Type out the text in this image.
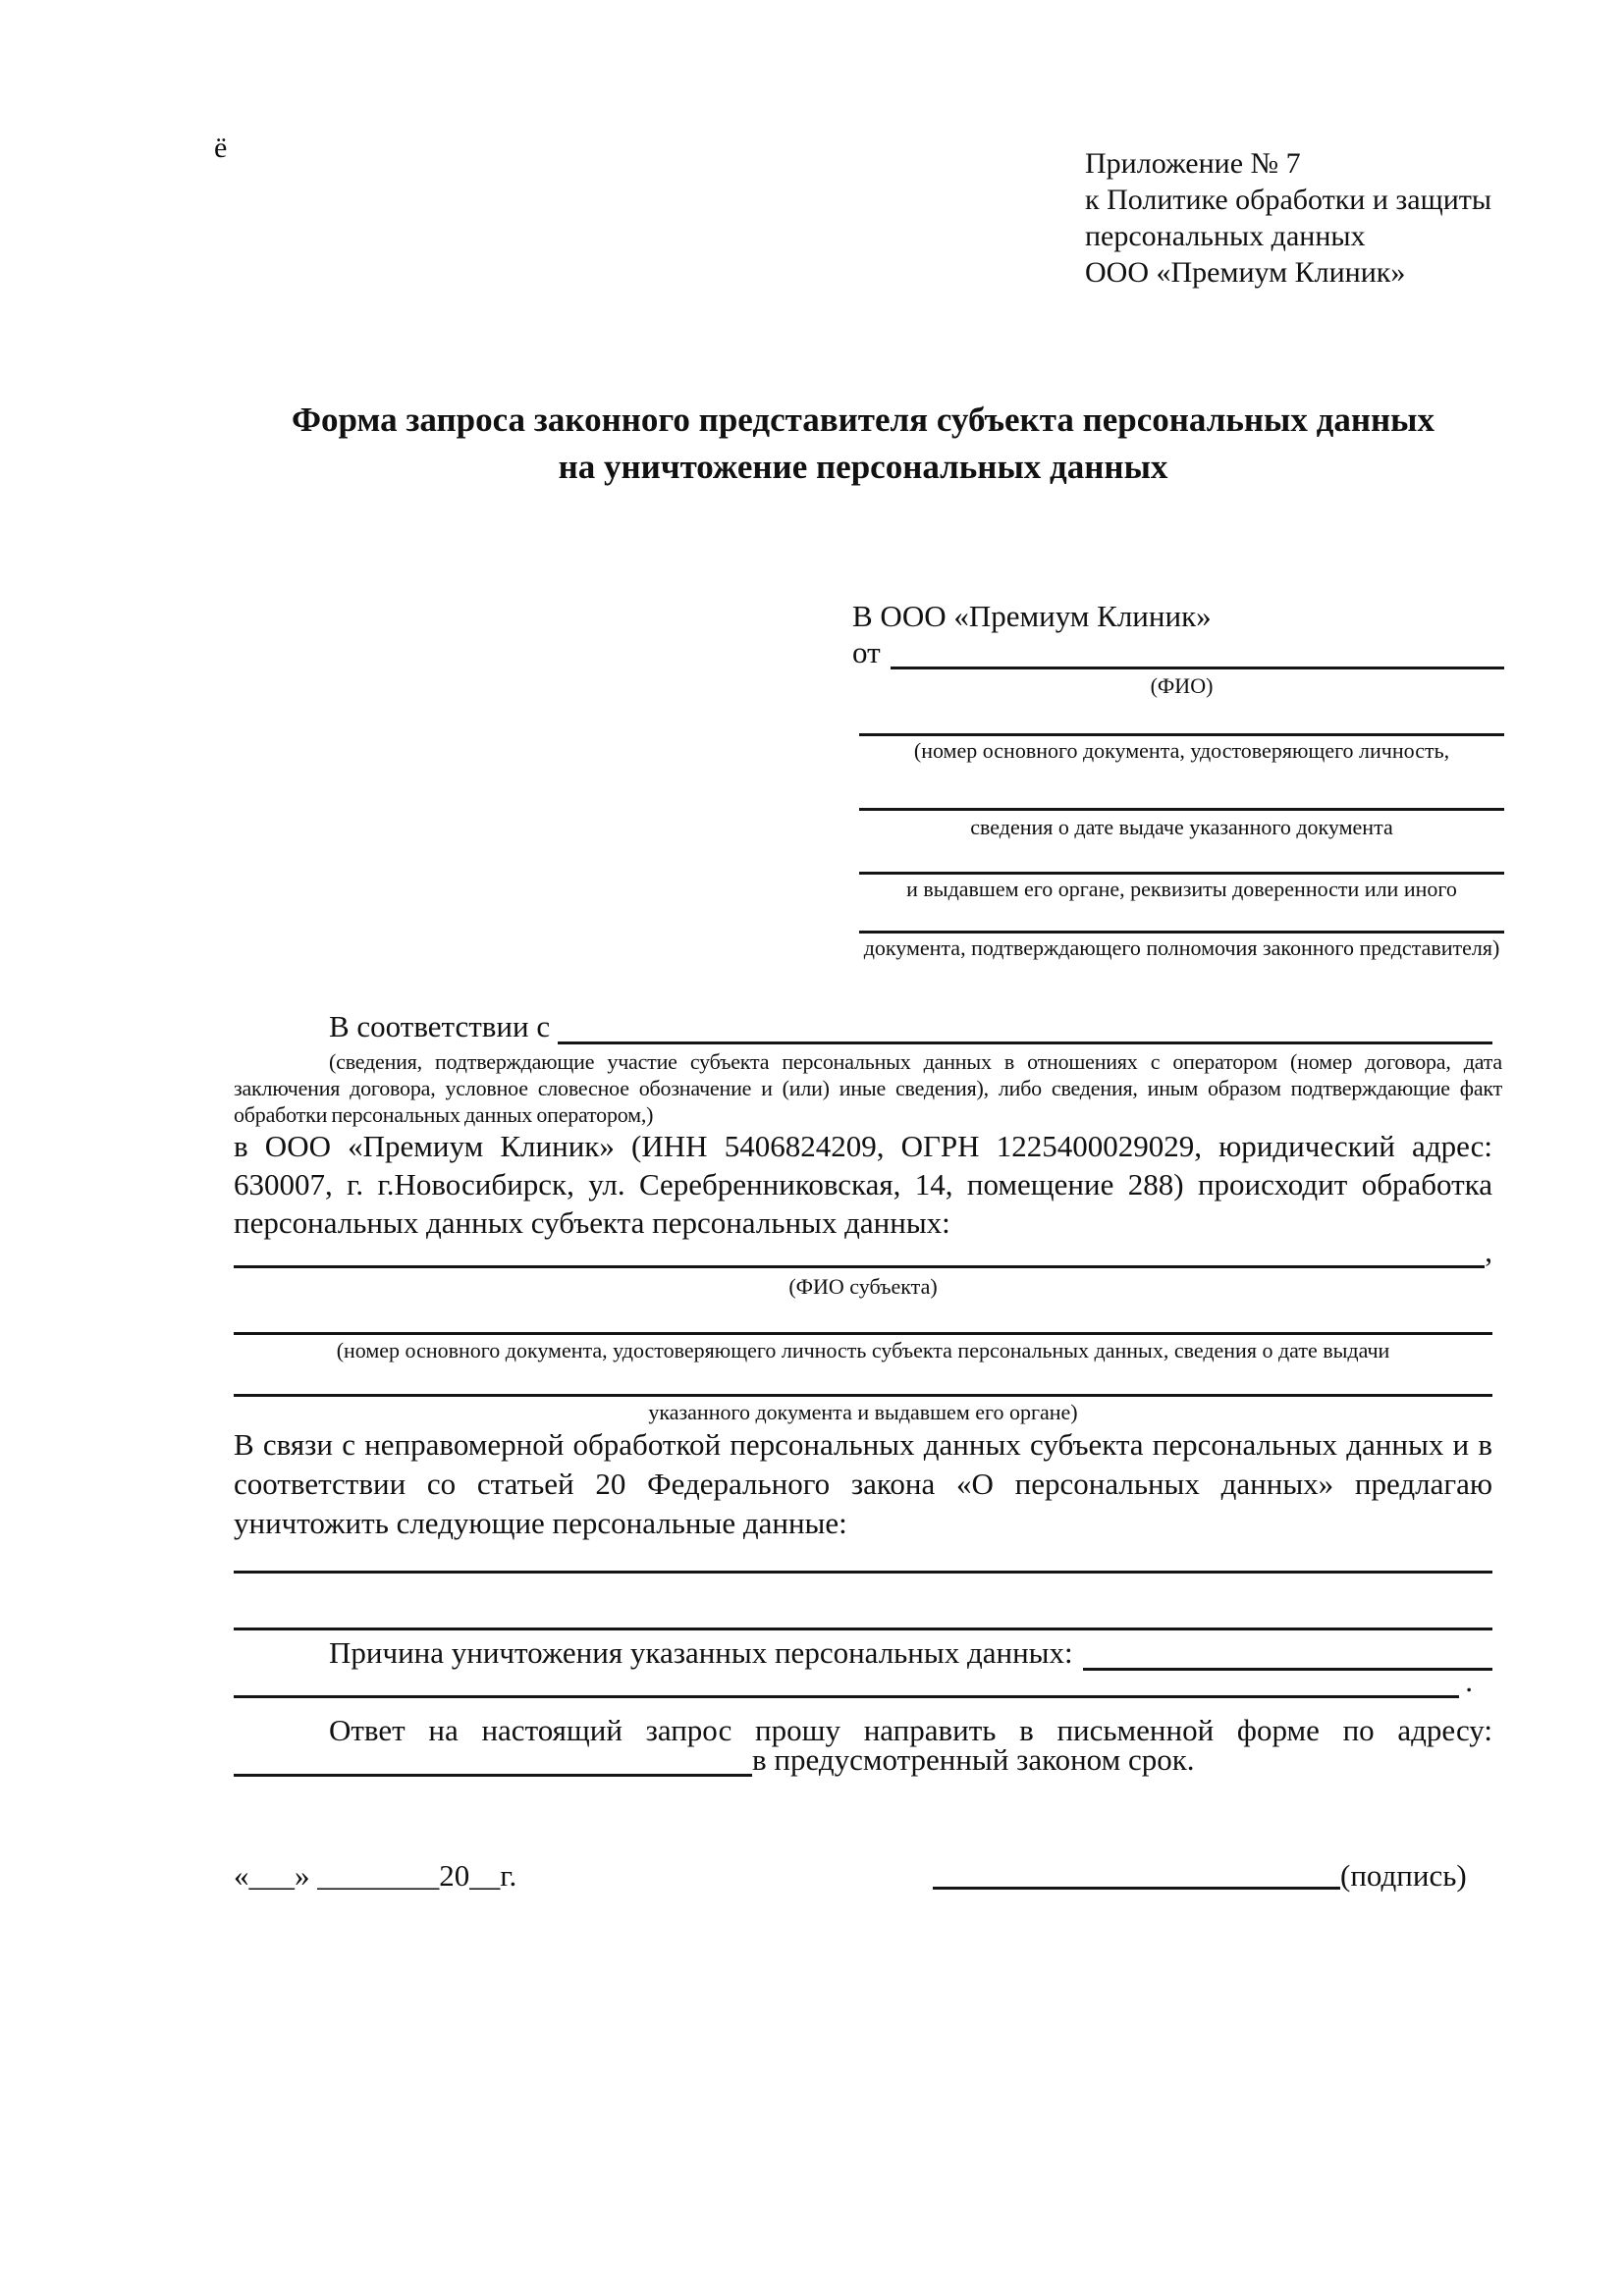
ё	Приложение № 7
к Политике обработки и защиты
персональных данных
ООО «Премиум Клиник»
Форма запроса законного представителя субъекта персональных данных
на уничтожение персональных данных
В ООО «Премиум Клиник»
от
(ФИО)
(номер основного документа, удостоверяющего личность,
сведения о дате выдаче указанного документа
и выдавшем его органе, реквизиты доверенности или иного
документа, подтверждающего полномочия законного представителя)
В соответствии с
(сведения, подтверждающие участие субъекта персональных данных в отношениях с оператором (номер договора, дата заключения договора, условное словесное обозначение и (или) иные сведения), либо сведения, иным образом подтверждающие факт обработки персональных данных оператором,)
в ООО «Премиум Клиник» (ИНН 5406824209, ОГРН 1225400029029, юридический адрес: 630007, г. г.Новосибирск, ул. Серебренниковская, 14, помещение 288) происходит обработка персональных данных субъекта персональных данных:
,
(ФИО субъекта)
(номер основного документа, удостоверяющего личность субъекта персональных данных, сведения о дате выдачи
указанного документа и выдавшем его органе)
В связи с неправомерной обработкой персональных данных субъекта персональных данных и в соответствии со статьей 20 Федерального закона «О персональных данных» предлагаю уничтожить следующие персональные данные:
Причина уничтожения указанных персональных данных:
.
Ответ на настоящий запрос прошу направить в письменной форме по адресу:
в предусмотренный законом срок.
«___» ________20__г.	(подпись)
